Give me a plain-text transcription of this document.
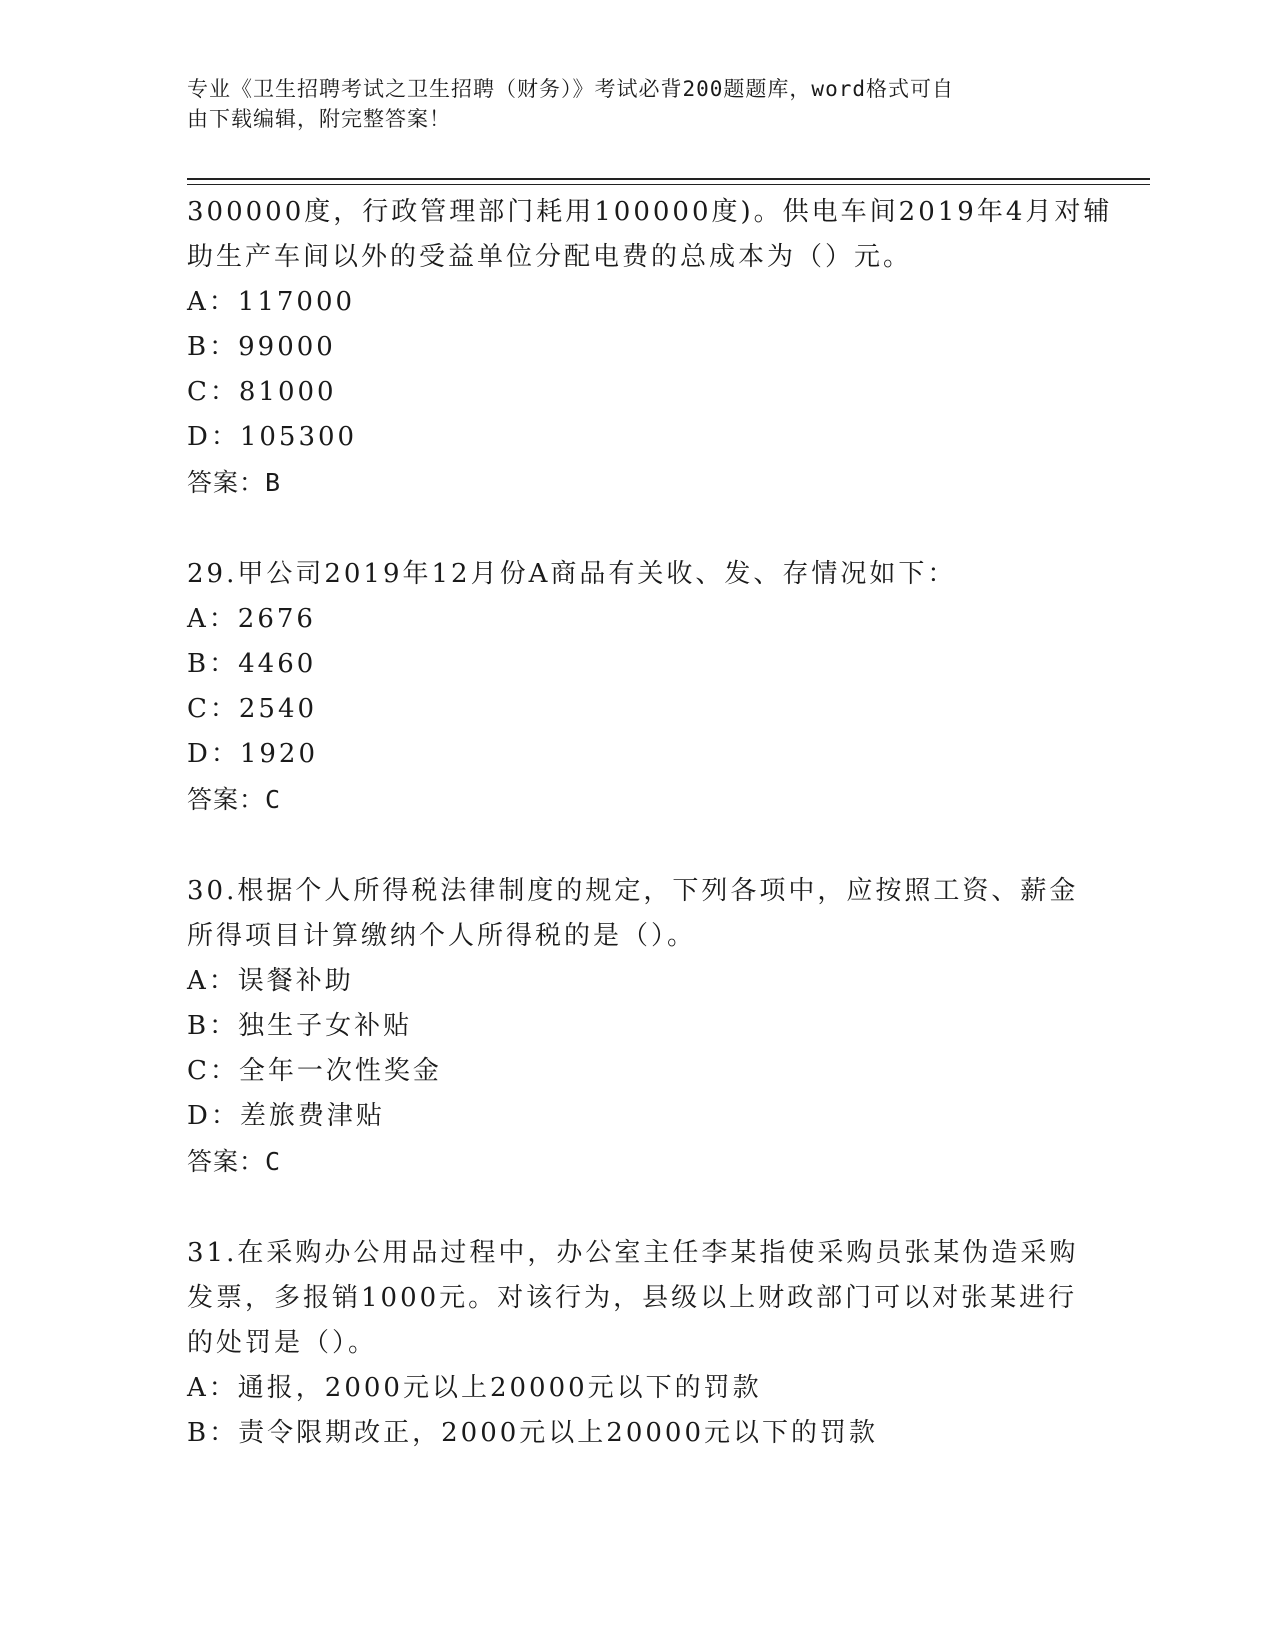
专业《卫生招聘考试之卫生招聘（财务）》考试必背200题题库，word格式可自
由下载编辑，附完整答案！
300000度，行政管理部门耗用100000度)。供电车间2019年4月对辅
助生产车间以外的受益单位分配电费的总成本为（）元。
A：117000
B：99000
C：81000
D：105300
答案：B
29.甲公司2019年12月份A商品有关收、发、存情况如下：
A：2676
B：4460
C：2540
D：1920
答案：C
30.根据个人所得税法律制度的规定，下列各项中，应按照工资、薪金
所得项目计算缴纳个人所得税的是（）。
A：误餐补助
B：独生子女补贴
C：全年一次性奖金
D：差旅费津贴
答案：C
31.在采购办公用品过程中，办公室主任李某指使采购员张某伪造采购
发票，多报销1000元。对该行为，县级以上财政部门可以对张某进行
的处罚是（）。
A：通报，2000元以上20000元以下的罚款
B：责令限期改正，2000元以上20000元以下的罚款
